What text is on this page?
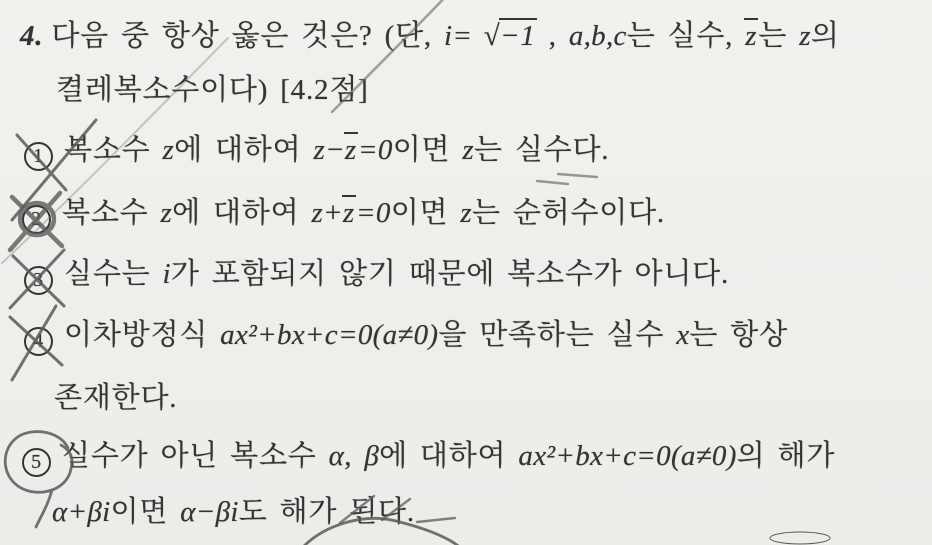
4. 다음 중 항상 옳은 것은? (단, i= √−1 , a,b,c는 실수, z는 z의
켤레복소수이다) [4.2점]
1 복소수 z에 대하여 z−z=0이면 z는 실수다.
2 복소수 z에 대하여 z+z=0이면 z는 순허수이다.
3 실수는 i가 포함되지 않기 때문에 복소수가 아니다.
4 이차방정식 ax²+bx+c=0(a≠0)을 만족하는 실수 x는 항상
존재한다.
5 실수가 아닌 복소수 α, β에 대하여 ax²+bx+c=0(a≠0)의 해가
α+βi이면 α−βi도 해가 된다.
